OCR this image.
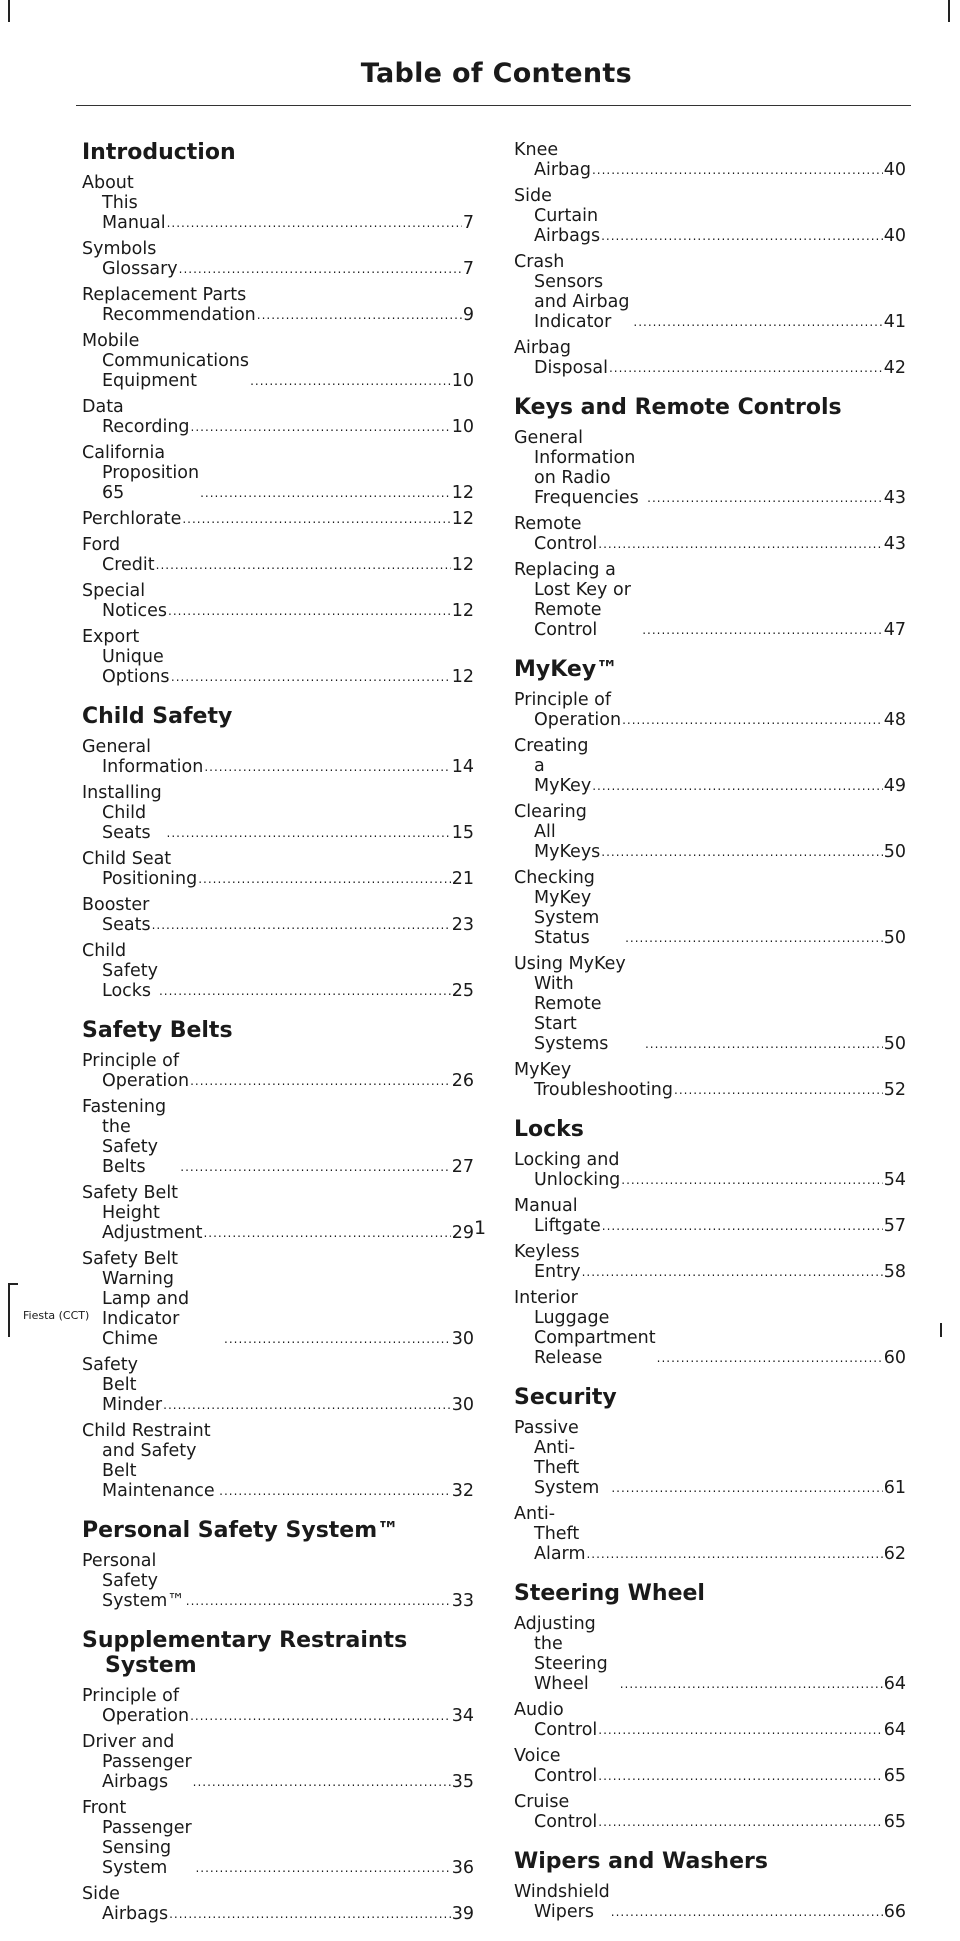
Table of Contents
Introduction
About This Manual .....	7
Symbols Glossary .....	7
Replacement Parts Recommendation .....	9
Mobile Communications Equipment .....	10
Data Recording .....	10
California Proposition 65 .....	12
Perchlorate .....	12
Ford Credit .....	12
Special Notices .....	12
Export Unique Options .....	12
Child Safety
General Information .....	14
Installing Child Seats .....	15
Child Seat Positioning .....	21
Booster Seats .....	23
Child Safety Locks .....	25
Safety Belts
Principle of Operation .....	26
Fastening the Safety Belts .....	27
Safety Belt Height Adjustment .....	29
Safety Belt Warning Lamp and Indicator Chime .....	30
Safety Belt Minder .....	30
Child Restraint and Safety Belt Maintenance .....	32
Personal Safety System™
Personal Safety System™ .....	33
Supplementary Restraints System
Principle of Operation .....	34
Driver and Passenger Airbags .....	35
Front Passenger Sensing System .....	36
Side Airbags .....	39
Knee Airbag .....	40
Side Curtain Airbags .....	40
Crash Sensors and Airbag Indicator .....	41
Airbag Disposal .....	42
Keys and Remote Controls
General Information on Radio Frequencies .....	43
Remote Control .....	43
Replacing a Lost Key or Remote Control .....	47
MyKey™
Principle of Operation .....	48
Creating a MyKey .....	49
Clearing All MyKeys .....	50
Checking MyKey System Status .....	50
Using MyKey With Remote Start Systems .....	50
MyKey Troubleshooting .....	52
Locks
Locking and Unlocking .....	54
Manual Liftgate .....	57
Keyless Entry .....	58
Interior Luggage Compartment Release .....	60
Security
Passive Anti-Theft System .....	61
Anti-Theft Alarm .....	62
Steering Wheel
Adjusting the Steering Wheel .....	64
Audio Control .....	64
Voice Control .....	65
Cruise Control .....	65
Wipers and Washers
Windshield Wipers .....	66
1
Fiesta (CCT)
